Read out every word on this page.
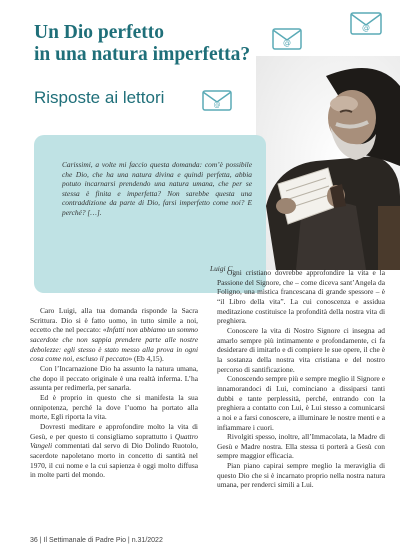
Un Dio perfetto
in una natura imperfetta?
Risposte ai lettori
@
@
@
Carissimi, a volte mi faccio questa domanda: com’è possibile che Dio, che ha una natura divina e quindi perfetta, abbia potuto incarnarsi prendendo una natura umana, che per se stessa è finita e imperfetta? Non sarebbe questa una contraddizione da parte di Dio, farsi imperfetto come noi? E perché? […].
Luigi C.

Ogni cristiano dovrebbe approfondire la vita e la Passione del Signore, che – come diceva sant’Angela da Foligno, una mistica francescana di grande spessore – è “il Libro della vita”. La cui conoscenza e assidua meditazione costituisce la profondità della nostra vita di preghiera.

Conoscere la vita di Nostro Signore ci insegna ad amarlo sempre più intimamente e profondamente, ci fa desiderare di imitarlo e di compiere le sue opere, il che è la sostanza della nostra vita cristiana e del nostro percorso di santificazione.

Conoscendo sempre più e sempre meglio il Signore e innamorandoci di Lui, cominciano a dissiparsi tanti dubbi e tante perplessità, perché, entrando con la preghiera a contatto con Lui, è Lui stesso a comunicarsi a noi e a farsi conoscere, a illuminare le nostre menti e a infiammare i cuori.

Rivolgiti spesso, inoltre, all’Immacolata, la Madre di Gesù e Madre nostra. Ella stessa ti porterà a Gesù con sempre maggior efficacia.

Pian piano capirai sempre meglio la meraviglia di questo Dio che si è incarnato proprio nella nostra natura umana, per renderci simili a Lui.

Caro Luigi, alla tua domanda risponde la Sacra Scrittura. Dio si è fatto uomo, in tutto simile a noi, eccetto che nel peccato: «Infatti non abbiamo un sommo sacerdote che non sappia prendere parte alle nostre debolezze: egli stesso è stato messo alla prova in ogni cosa come noi, escluso il peccato» (Eb 4,15).

Con l’Incarnazione Dio ha assunto la natura umana, che dopo il peccato originale è una realtà inferma. L’ha assunta per redimerla, per sanarla.

Ed è proprio in questo che si manifesta la sua onnipotenza, perché la dove l’uomo ha portato alla morte, Egli riporta la vita.

Dovresti meditare e approfondire molto la vita di Gesù, e per questo ti consigliamo soprattutto i Quattro Vangeli commentati dal servo di Dio Dolindo Ruotolo, sacerdote napoletano morto in concetto di santità nel 1970, il cui nome e la cui sapienza è oggi molto diffusa in molte parti del mondo.

36 | Il Settimanale di Padre Pio | n.31/2022
